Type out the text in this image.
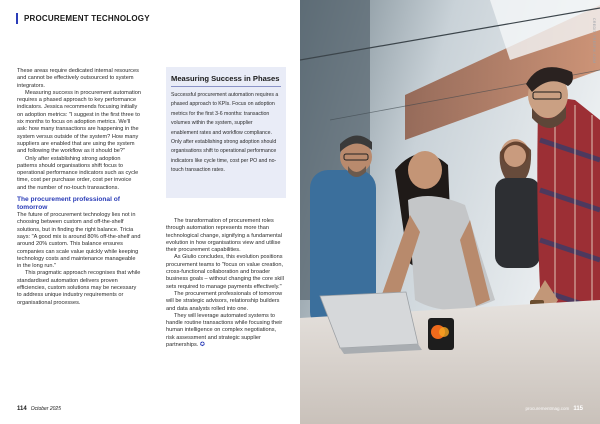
PROCUREMENT TECHNOLOGY

These areas require dedicated internal resources and cannot be effectively outsourced to system integrators.

Measuring success in procurement automation requires a phased approach to key performance indicators. Jessica recommends focusing initially on adoption metrics: "I suggest in the first three to six months to focus on adoption metrics. We'll ask: how many transactions are happening in the system versus outside of the system? How many suppliers are enabled that are using the system and following the workflow as it should be?"

Only after establishing strong adoption patterns should organisations shift focus to operational performance indicators such as cycle time, cost per purchase order, cost per invoice and the number of no-touch transactions.

The procurement professional of tomorrow

The future of procurement technology lies not in choosing between custom and off-the-shelf solutions, but in finding the right balance. Tricia says: "A good mix is around 80% off-the-shelf and around 20% custom. This balance ensures companies can scale value quickly while keeping technology costs and maintenance manageable in the long run."

This pragmatic approach recognises that while standardised automation delivers proven efficiencies, custom solutions may be necessary to address unique industry requirements or organisational processes.

Measuring Success in Phases

Successful procurement automation requires a phased approach to KPIs. Focus on adoption metrics for the first 3-6 months: transaction volumes within the system, supplier enablement rates and workflow compliance. Only after establishing strong adoption should organisations shift to operational performance indicators like cycle time, cost per PO and no-touch transaction rates.

The transformation of procurement roles through automation represents more than technological change, signifying a fundamental evolution in how organisations view and utilise their procurement capabilities.

As Giulio concludes, this evolution positions procurement teams to "focus on value creation, cross-functional collaboration and broader business goals – without changing the core skill sets required to manage payments effectively."

The procurement professionals of tomorrow will be strategic advisors, relationship builders and data analysts rolled into one.

They will leverage automated systems to handle routine transactions while focusing their human intelligence on complex negotiations, risk assessment and strategic supplier partnerships. ✪

114 October 2025
CREDIT: FREEPIK.COM
procurementmag.com 115
